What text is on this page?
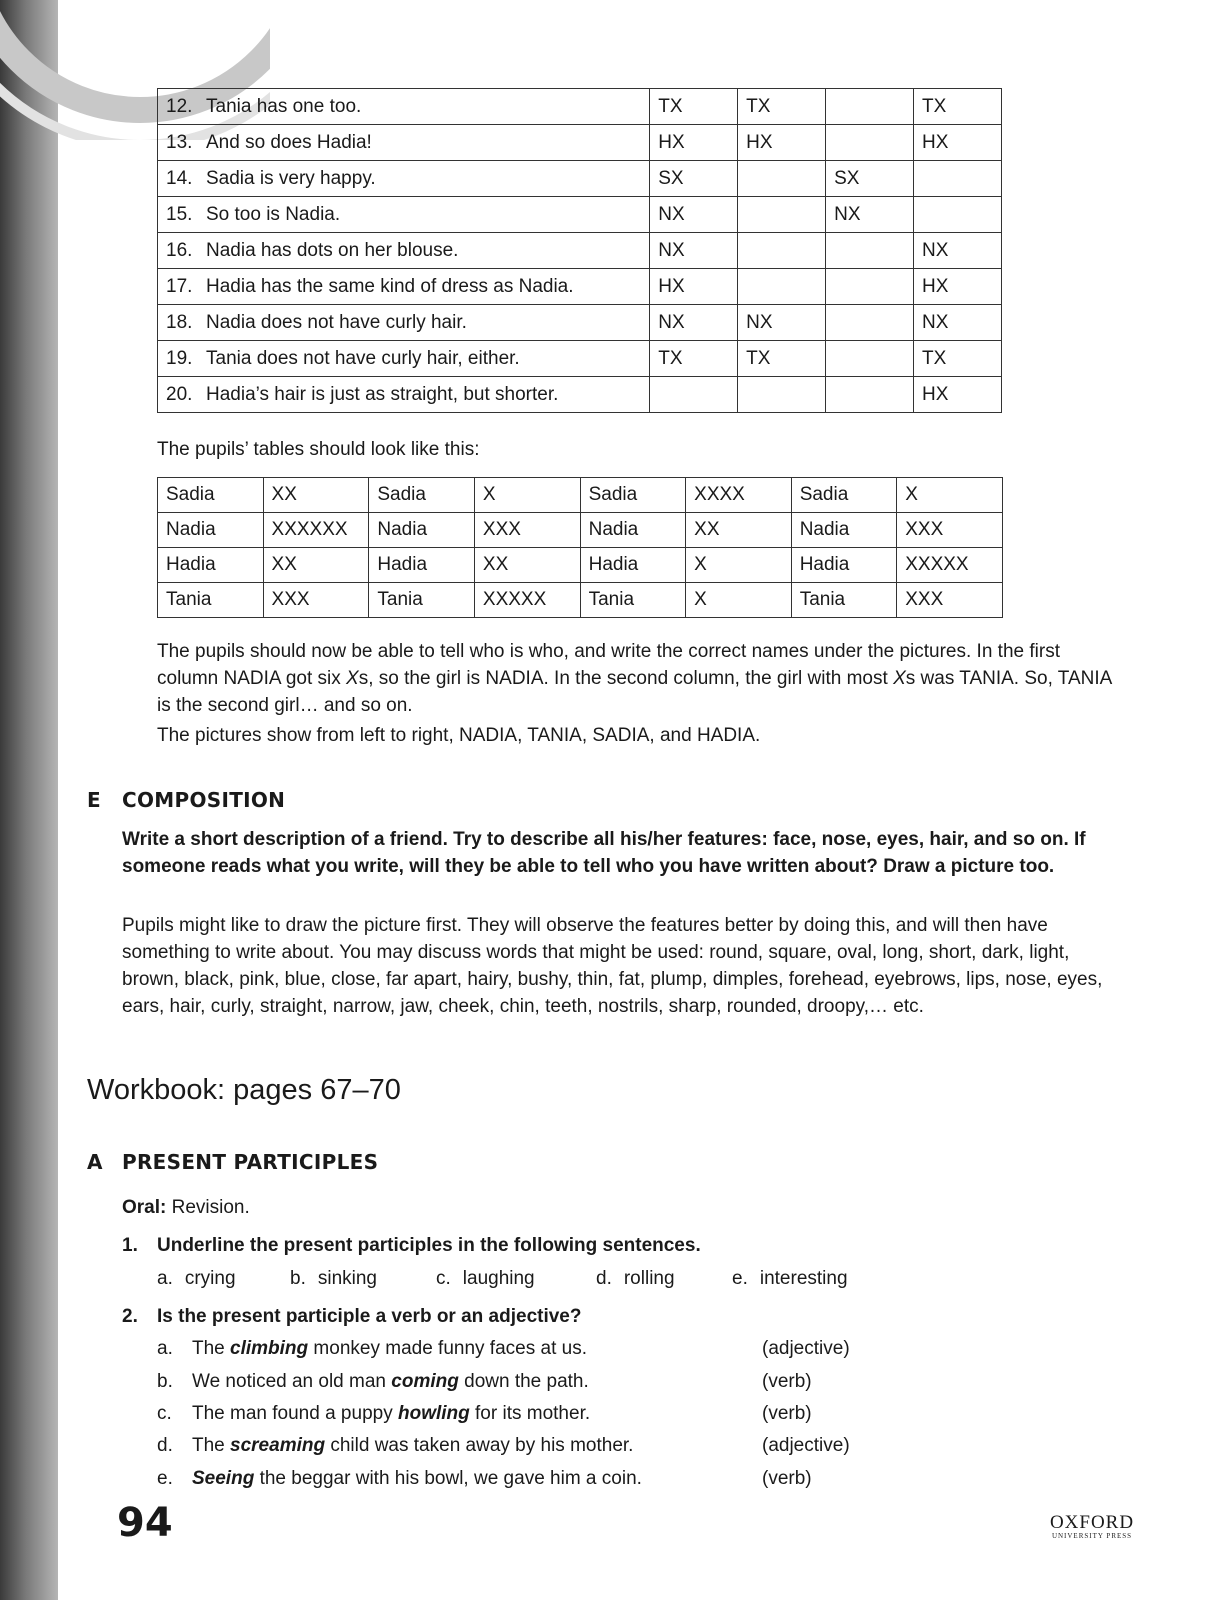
12. Tania has one too.	TX	TX		TX
13. And so does Hadia!	HX	HX		HX
14. Sadia is very happy.	SX		SX	
15. So too is Nadia.	NX		NX	
16. Nadia has dots on her blouse.	NX			NX
17. Hadia has the same kind of dress as Nadia.	HX			HX
18. Nadia does not have curly hair.	NX	NX		NX
19. Tania does not have curly hair, either.	TX	TX		TX
20. Hadia’s hair is just as straight, but shorter.				HX

The pupils’ tables should look like this:

Sadia	XX	Sadia	X	Sadia	XXXX	Sadia	X
Nadia	XXXXXX	Nadia	XXX	Nadia	XX	Nadia	XXX
Hadia	XX	Hadia	XX	Hadia	X	Hadia	XXXXX
Tania	XXX	Tania	XXXXX	Tania	X	Tania	XXX

The pupils should now be able to tell who is who, and write the correct names under the pictures. In the first column NADIA got six Xs, so the girl is NADIA. In the second column, the girl with most Xs was TANIA. So, TANIA is the second girl… and so on.

The pictures show from left to right, NADIA, TANIA, SADIA, and HADIA.

E COMPOSITION

Write a short description of a friend. Try to describe all his/her features: face, nose, eyes, hair, and so on. If someone reads what you write, will they be able to tell who you have written about? Draw a picture too.

Pupils might like to draw the picture first. They will observe the features better by doing this, and will then have something to write about. You may discuss words that might be used: round, square, oval, long, short, dark, light, brown, black, pink, blue, close, far apart, hairy, bushy, thin, fat, plump, dimples, forehead, eyebrows, lips, nose, eyes, ears, hair, curly, straight, narrow, jaw, cheek, chin, teeth, nostrils, sharp, rounded, droopy,… etc.

Workbook: pages 67–70
A PRESENT PARTICIPLES

Oral: Revision.

1. Underline the present participles in the following sentences.
a. crying	b. sinking	c. laughing	d. rolling	e. interesting
2. Is the present participle a verb or an adjective?
a. The climbing monkey made funny faces at us.	(adjective)
b. We noticed an old man coming down the path.	(verb)
c. The man found a puppy howling for its mother.	(verb)
d. The screaming child was taken away by his mother.	(adjective)
e. Seeing the beggar with his bowl, we gave him a coin.	(verb)
94	OXFORD
UNIVERSITY PRESS
